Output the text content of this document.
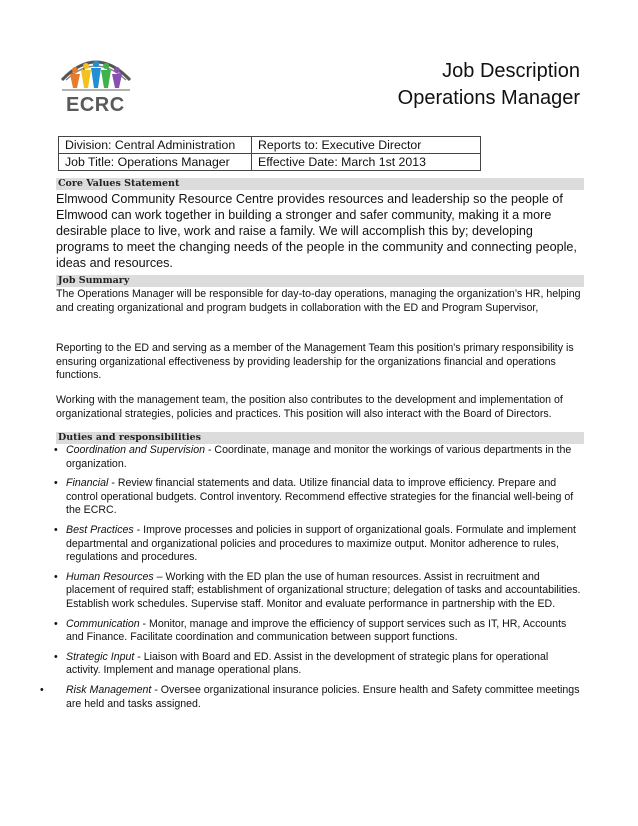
ECRC
Job Description
Operations Manager
Division: Central Administration	Reports to: Executive Director
Job Title: Operations Manager	Effective Date: March 1st 2013
Core Values Statement
Elmwood Community Resource Centre provides resources and leadership so the people of Elmwood can work together in building a stronger and safer community, making it a more desirable place to live, work and raise a family. We will accomplish this by; developing programs to meet the changing needs of the people in the community and connecting people, ideas and resources.
Job Summary
The Operations Manager will be responsible for day-to-day operations, managing the organization’s HR, helping and creating organizational and program budgets in collaboration with the ED and Program Supervisor,
Reporting to the ED and serving as a member of the Management Team this position's primary responsibility is ensuring organizational effectiveness by providing leadership for the organizations financial and operations functions.
Working with the management team, the position also contributes to the development and implementation of organizational strategies, policies and practices. This position will also interact with the Board of Directors.
Duties and responsibilities
• Coordination and Supervision - Coordinate, manage and monitor the workings of various departments in the organization.
• Financial - Review financial statements and data. Utilize financial data to improve efficiency. Prepare and control operational budgets. Control inventory. Recommend effective strategies for the financial well-being of the ECRC.
• Best Practices - Improve processes and policies in support of organizational goals. Formulate and implement departmental and organizational policies and procedures to maximize output. Monitor adherence to rules, regulations and procedures.
• Human Resources – Working with the ED plan the use of human resources. Assist in recruitment and placement of required staff; establishment of organizational structure; delegation of tasks and accountabilities. Establish work schedules. Supervise staff. Monitor and evaluate performance in partnership with the ED.
• Communication - Monitor, manage and improve the efficiency of support services such as IT, HR, Accounts and Finance. Facilitate coordination and communication between support functions.
• Strategic Input - Liaison with Board and ED. Assist in the development of strategic plans for operational activity. Implement and manage operational plans.
• Risk Management - Oversee organizational insurance policies. Ensure health and Safety committee meetings are held and tasks assigned.
